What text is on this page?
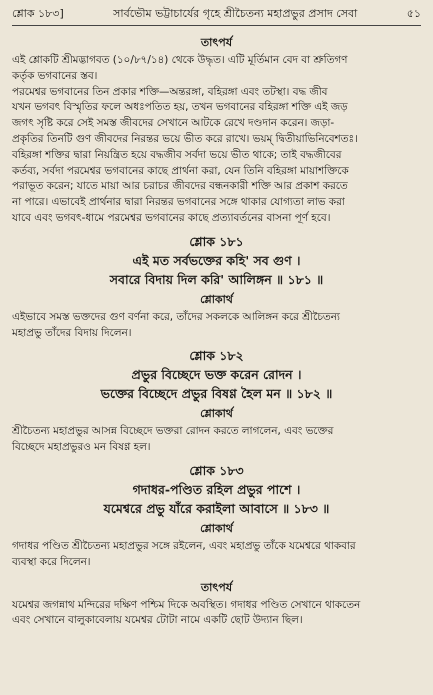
শ্লোক ১৮৩]	সার্বভৌম ভট্টাচার্যের গৃহে শ্রীচৈতন্য মহাপ্রভুর প্রসাদ সেবা	৫১
তাৎপর্য
এই শ্লোকটি শ্রীমদ্ভাগবত (১০/৮৭/১৪) থেকে উদ্ধৃত। এটি মূর্তিমান বেদ বা শ্রুতিগণ
কর্তৃক ভগবানের স্তব।
পরমেশ্বর ভগবানের তিন প্রকার শক্তি—অন্তরঙ্গা, বহিরঙ্গা এবং তটস্থা। বদ্ধ জীব
যখন ভগবৎ বিস্মৃতির ফলে অধঃপতিত হয়, তখন ভগবানের বহিরঙ্গা শক্তি এই জড়
জগৎ সৃষ্টি করে সেই সমস্ত জীবদের সেখানে আটকে রেখে দণ্ডদান করেন। জড়া-
প্রকৃতির তিনটি গুণ জীবদের নিরন্তর ভয়ে ভীত করে রাখে। ভয়ম্ দ্বিতীয়াভিনিবেশতঃ।
বহিরঙ্গা শক্তির দ্বারা নিয়ন্ত্রিত হয়ে বদ্ধজীব সর্বদা ভয়ে ভীত থাকে; তাই বদ্ধজীবের
কর্তব্য, সর্বদা পরমেশ্বর ভগবানের কাছে প্রার্থনা করা, যেন তিনি বহিরঙ্গা মায়াশক্তিকে
পরাভূত করেন; যাতে মায়া আর চরাচর জীবদের বন্ধনকারী শক্তি আর প্রকাশ করতে
না পারে। এভাবেই প্রার্থনার দ্বারা নিরন্তর ভগবানের সঙ্গে থাকার যোগ্যতা লাভ করা
যাবে এবং ভগবৎ-ধামে পরমেশ্বর ভগবানের কাছে প্রত্যাবর্তনের বাসনা পূর্ণ হবে।
শ্লোক ১৮১
এই মত সর্বভক্তের কহি' সব গুণ ।
সবারে বিদায় দিল করি' আলিঙ্গন ॥ ১৮১ ॥
শ্লোকার্থ
এইভাবে সমস্ত ভক্তদের গুণ বর্ণনা করে, তাঁদের সকলকে আলিঙ্গন করে শ্রীচৈতন্য
মহাপ্রভু তাঁদের বিদায় দিলেন।
শ্লোক ১৮২
প্রভুর বিচ্ছেদে ভক্ত করেন রোদন ।
ভক্তের বিচ্ছেদে প্রভুর বিষণ্ণ হৈল মন ॥ ১৮২ ॥
শ্লোকার্থ
শ্রীচৈতন্য মহাপ্রভুর আসন্ন বিচ্ছেদে ভক্তরা রোদন করতে লাগলেন, এবং ভক্তের
বিচ্ছেদে মহাপ্রভুরও মন বিষণ্ণ হল।
শ্লোক ১৮৩
গদাধর-পণ্ডিত রহিল প্রভুর পাশে ।
যমেশ্বরে প্রভু যাঁরে করাইলা আবাসে ॥ ১৮৩ ॥
শ্লোকার্থ
গদাধর পণ্ডিত শ্রীচৈতন্য মহাপ্রভুর সঙ্গে রইলেন, এবং মহাপ্রভু তাঁকে যমেশ্বরে থাকবার
ব্যবস্থা করে দিলেন।
তাৎপর্য
যমেশ্বর জগন্নাথ মন্দিরের দক্ষিণ পশ্চিম দিকে অবস্থিত। গদাধর পণ্ডিত সেখানে থাকতেন
এবং সেখানে বালুকাবেলায় যমেশ্বর টোটা নামে একটি ছোট উদ্যান ছিল।
